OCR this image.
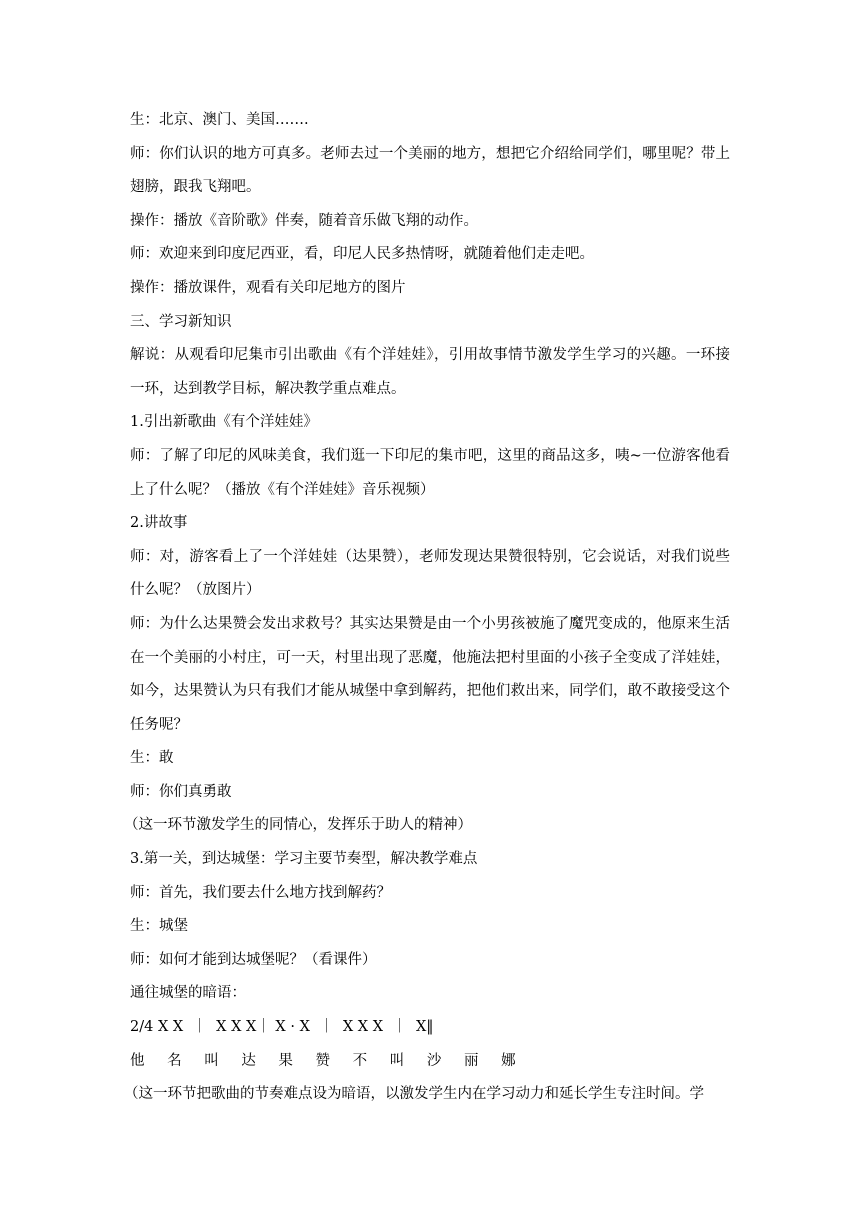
生：北京、澳门、美国…….

师：你们认识的地方可真多。老师去过一个美丽的地方，想把它介绍给同学们，哪里呢？带上翅膀，跟我飞翔吧。

操作：播放《音阶歌》伴奏，随着音乐做飞翔的动作。

师：欢迎来到印度尼西亚，看，印尼人民多热情呀，就随着他们走走吧。

操作：播放课件，观看有关印尼地方的图片

三、学习新知识

解说：从观看印尼集市引出歌曲《有个洋娃娃》，引用故事情节激发学生学习的兴趣。一环接一环，达到教学目标，解决教学重点难点。

1.引出新歌曲《有个洋娃娃》

师：了解了印尼的风味美食，我们逛一下印尼的集市吧，这里的商品这多，咦~一位游客他看上了什么呢？（播放《有个洋娃娃》音乐视频）

2.讲故事

师：对，游客看上了一个洋娃娃（达果赞），老师发现达果赞很特别，它会说话，对我们说些什么呢？（放图片）

师：为什么达果赞会发出求救号？其实达果赞是由一个小男孩被施了魔咒变成的，他原来生活在一个美丽的小村庄，可一天，村里出现了恶魔，他施法把村里面的小孩子全变成了洋娃娃，如今，达果赞认为只有我们才能从城堡中拿到解药，把他们救出来，同学们，敢不敢接受这个任务呢？

生：敢

师：你们真勇敢

（这一环节激发学生的同情心，发挥乐于助人的精神）

3.第一关，到达城堡：学习主要节奏型，解决教学难点

师：首先，我们要去什么地方找到解药？

生：城堡

师：如何才能到达城堡呢？（看课件）

通往城堡的暗语：

2/4 X X  ｜  X X X｜ X · X  ｜  X X X  ｜  X‖

他 名 叫 达 果 赞 不 叫 沙 丽 娜

（这一环节把歌曲的节奏难点设为暗语，以激发学生内在学习动力和延长学生专注时间。学
